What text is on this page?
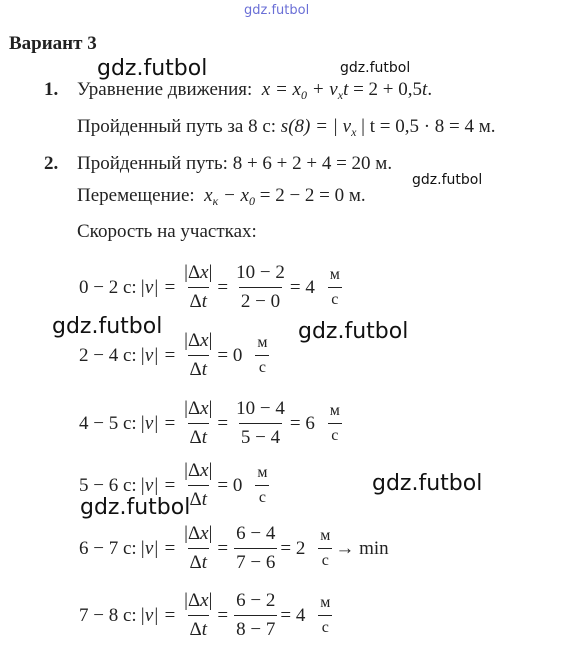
gdz.futbol
gdz.futbol	gdz.futbol
gdz.futbol
gdz.futbol	gdz.futbol
gdz.futbol
gdz.futbol
Вариант 3
1. Уравнение движения:  $x = x_0 + v_xt = 2 + 0,5t$.
Пройденный путь за 8 с: s(8) = | $v_x$ | t = 0,5 · 8 = 4 м.
2. Пройденный путь: 8 + 6 + 2 + 4 = 20 м.
Перемещение:  $x_к - x_0 = 2 - 2 = 0$ м.
Скорость на участках:
0 − 2 с: $|v| = \frac{|\Delta x|}{\Delta t} = \frac{10 - 2}{2 - 0} = 4$
м
с
2 − 4 с: $|v| = \frac{|\Delta x|}{\Delta t} = 0$
м
с
4 − 5 с: $|v| = \frac{|\Delta x|}{\Delta t} = \frac{10 - 4}{5 - 4} = 6$
м
с
5 − 6 с: $|v| = \frac{|\Delta x|}{\Delta t} = 0$
м
с
6 − 7 с: $|v| = \frac{|\Delta x|}{\Delta t} = \frac{6 - 4}{7 - 6} = 2$
м
с
→ min
7 − 8 с: $|v| = \frac{|\Delta x|}{\Delta t} = \frac{6 - 2}{8 - 7} = 4$
м
с
